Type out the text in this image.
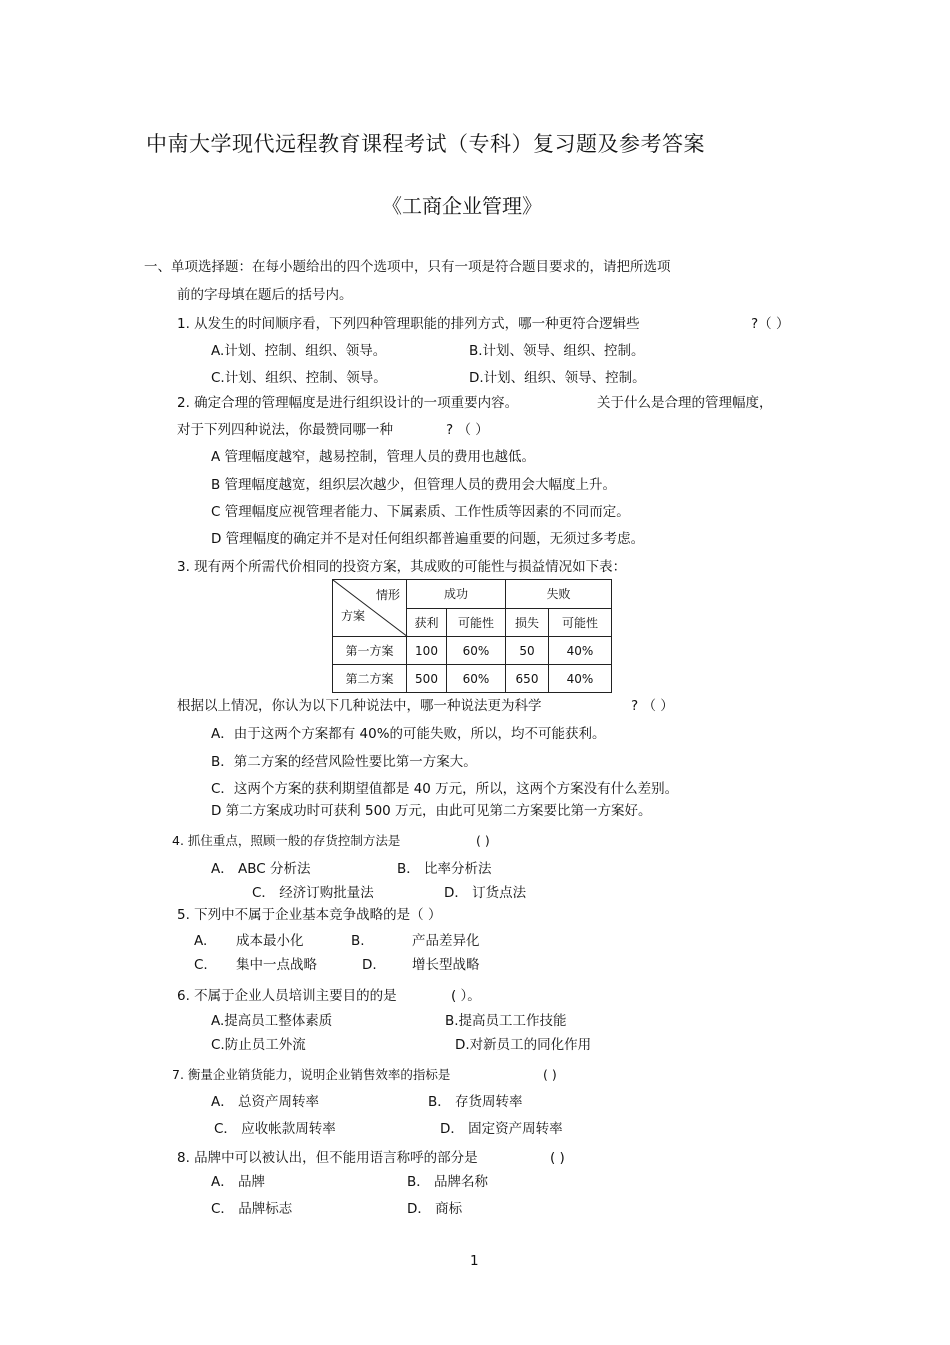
中南大学现代远程教育课程考试（专科）复习题及参考答案
《工商企业管理》
一、单项选择题：在每小题给出的四个选项中，只有一项是符合题目要求的，请把所选项
前的字母填在题后的括号内。
1. 从发生的时间顺序看，下列四种管理职能的排列方式，哪一种更符合逻辑些	?（ ）
A.计划、控制、组织、领导。	B.计划、领导、组织、控制。
C.计划、组织、控制、领导。	D.计划、组织、领导、控制。
2. 确定合理的管理幅度是进行组织设计的一项重要内容。	关于什么是合理的管理幅度，
对于下列四种说法，你最赞同哪一种	? （ ）
A 管理幅度越窄，越易控制，管理人员的费用也越低。
B 管理幅度越宽，组织层次越少，但管理人员的费用会大幅度上升。
C 管理幅度应视管理者能力、下属素质、工作性质等因素的不同而定。
D 管理幅度的确定并不是对任何组织都普遍重要的问题，无须过多考虑。
3. 现有两个所需代价相同的投资方案，其成败的可能性与损益情况如下表：
情形
方案	成功		失败	
	获利	可能性	损失	可能性
第一方案	100	60%	50	40%
第二方案	500	60%	650	40%
根据以上情况，你认为以下几种说法中，哪一种说法更为科学	? （ ）
A．由于这两个方案都有 40%的可能失败，所以，均不可能获利。
B．第二方案的经营风险性要比第一方案大。
C．这两个方案的获利期望值都是 40 万元，所以，这两个方案没有什么差别。
D 第二方案成功时可获利 500 万元，由此可见第二方案要比第一方案好。
4. 抓住重点，照顾一般的存货控制方法是	( )
A． ABC 分析法	B． 比率分析法
C． 经济订购批量法	D． 订货点法
5. 下列中不属于企业基本竞争战略的是（ ）
A. 成本最小化	B.	产品差异化
C. 集中一点战略	D.	增长型战略
6. 不属于企业人员培训主要目的的是	( ）。
A.提高员工整体素质	B.提高员工工作技能
C.防止员工外流	D.对新员工的同化作用
7. 衡量企业销货能力，说明企业销售效率的指标是	( )
A． 总资产周转率	B． 存货周转率
C． 应收帐款周转率	D． 固定资产周转率
8. 品牌中可以被认出，但不能用语言称呼的部分是	( )
A． 品牌	B． 品牌名称
C． 品牌标志	D． 商标
1
